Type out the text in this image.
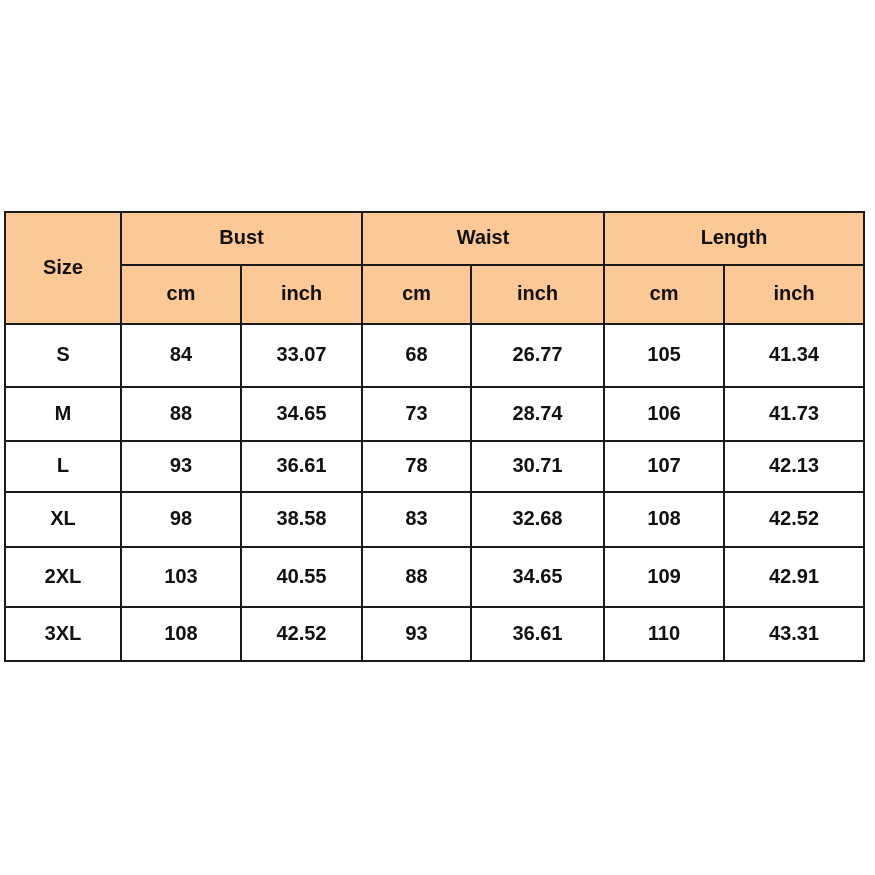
Size	Bust		Waist		Length	
	cm	inch	cm	inch	cm	inch
S	84	33.07	68	26.77	105	41.34
M	88	34.65	73	28.74	106	41.73
L	93	36.61	78	30.71	107	42.13
XL	98	38.58	83	32.68	108	42.52
2XL	103	40.55	88	34.65	109	42.91
3XL	108	42.52	93	36.61	110	43.31
